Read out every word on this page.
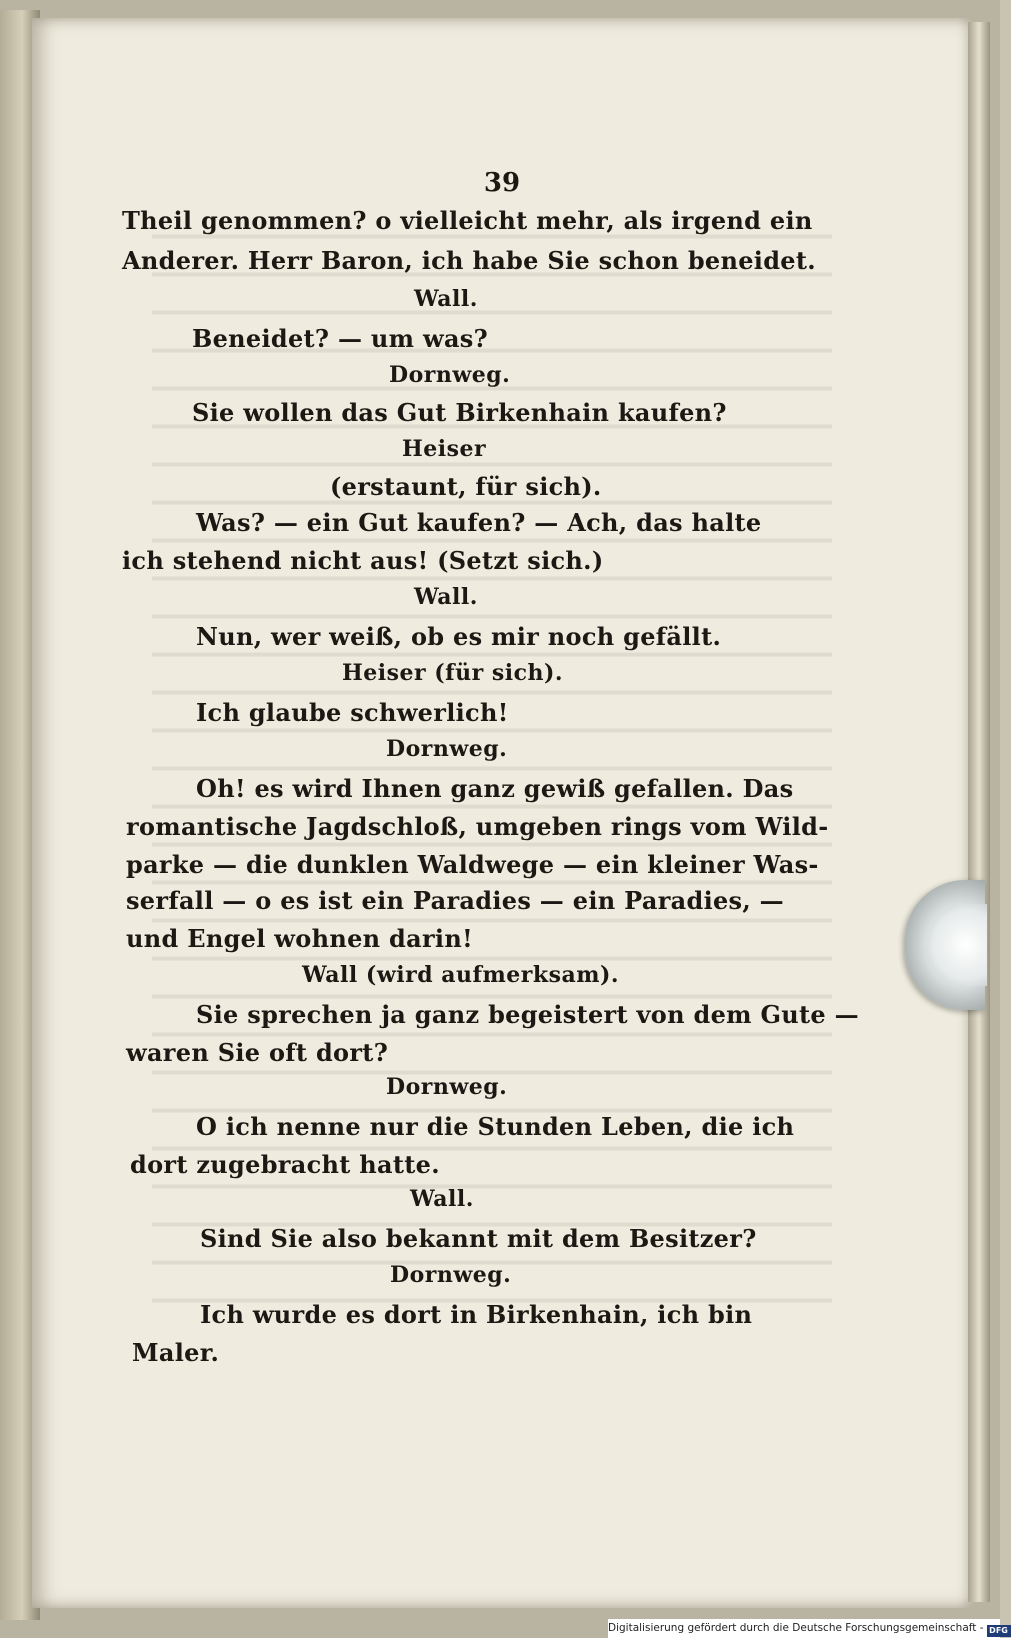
39
Theil genommen? o vielleicht mehr, als irgend ein
Anderer. Herr Baron, ich habe Sie schon beneidet.
Wall.
Beneidet? — um was?
Dornweg.
Sie wollen das Gut Birkenhain kaufen?
Heiser
(erstaunt, für sich).
Was? — ein Gut kaufen? — Ach, das halte
ich stehend nicht aus! (Setzt sich.)
Wall.
Nun, wer weiß, ob es mir noch gefällt.
Heiser (für sich).
Ich glaube schwerlich!
Dornweg.
Oh! es wird Ihnen ganz gewiß gefallen. Das
romantische Jagdschloß, umgeben rings vom Wild-
parke — die dunklen Waldwege — ein kleiner Was-
serfall — o es ist ein Paradies — ein Paradies, —
und Engel wohnen darin!
Wall (wird aufmerksam).
Sie sprechen ja ganz begeistert von dem Gute —
waren Sie oft dort?
Dornweg.
O ich nenne nur die Stunden Leben, die ich
dort zugebracht hatte.
Wall.
Sind Sie also bekannt mit dem Besitzer?
Dornweg.
Ich wurde es dort in Birkenhain, ich bin
Maler.
Digitalisierung gefördert durch die Deutsche Forschungsgemeinschaft - DFG
